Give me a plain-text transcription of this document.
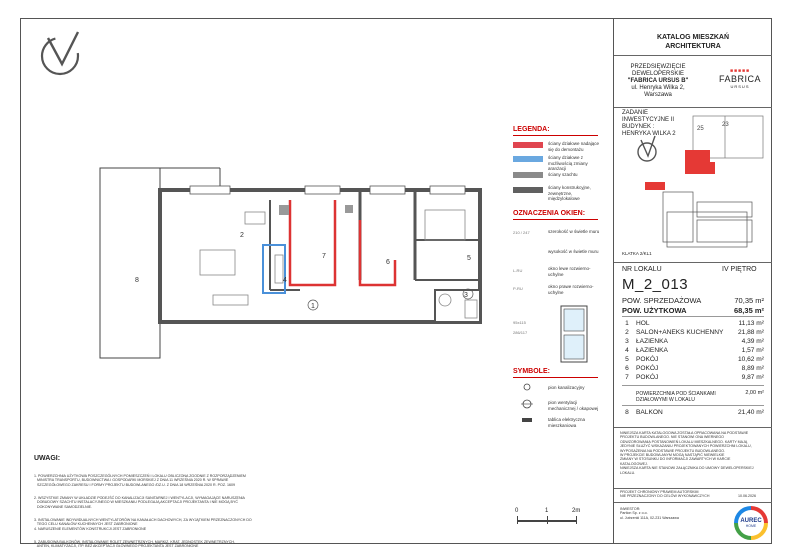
1
2
3
4
5
6
7
8
LEGENDA:
ściany działowe nadające się do demontażu
ściany działowe z możliwością zmiany aranżacji
ściany szachtu
ściany konstrukcyjne, zewnętrzne, międzylokalowe
OZNACZENIA OKIEN:
210 / 247	szerokość w świetle muru
wysokość w świetle muru
L-RU	okno lewe rozwierno-uchylne
P-RU	okno prawe rozwierno-uchylne
95x115
286/117
SYMBOLE:
pion kanalizacyjny
pion wentylacji mechanicznej / okapowej
tablica elektryczna mieszkaniowa
KATALOG MIESZKAŃ
ARCHITEKTURA
PRZEDSIĘWZIĘCIE
DEWELOPERSKIE
"FABRICA URSUS B"
ul. Henryka Wilka 2,
Warszawa
■■■■■
FABRICA
URSUS
ZADANIE
INWESTYCYJNE II
BUDYNEK :
HENRYKA WILKA 2
23
25
KLATKA 2/KL1
NR LOKALU	IV PIĘTRO
M_2_013
POW. SPRZEDAŻOWA	70,35 m²
POW. UŻYTKOWA	68,35 m²
1	HOL	11,13 m²
2	SALON+ANEKS KUCHENNY 21,88 m²
3	ŁAZIENKA	4,39 m²
4	ŁAZIENKA	1,57 m²
5	POKÓJ	10,62 m²
6	POKÓJ	8,89 m²
7	POKÓJ	9,87 m²
POWIERZCHNIA POD ŚCIANKAMI
DZIAŁOWYMI W LOKALU
2,00 m²
8	BALKON	21,40 m²
NINIEJSZA KARTA KATALOGOWA ZOSTAŁA OPRACOWANA NA PODSTAWIE
PROJEKTU BUDOWLANEGO. NIE STANOWI ONA WIERNEGO
ODWZOROWANIA POSTANOWIEŃ LOKALU MIESZKALNEGO. KARTY MAJĄ
JEDYNIE SŁUŻYĆ WSKAZANIU PROJEKTOWANYCH POWIERZCHNI LOKALU,
WYPOSAŻENIA NA PODSTAWIE PROJEKTU BUDOWLANEGO.
W PROJEKCIE BUDOWLANYM MOGĄ NASTĄPIĆ NIEWIELKIE
ZMIANY W STOSUNKU DO INFORMACJI ZAWARTYCH W KARCIE
KATALOGOWEJ.
NINIEJSZA KARTA NIE STANOWI ZAŁĄCZNIKA DO UMOWY DEWELOPERSKIEJ
LOKALU.
PROJEKT CHRONIONY PRAWEM AUTORSKIM
NIE PRZEZNACZONY DO CELÓW WYKONAWCZYCH	10.06.2026
INWESTOR:
Partion Sp. z o.o.
ul. Jutrzenki 111A, 02-231 Warszawa
AUREC
HOME
UWAGI:

1. POWIERZCHNIA UŻYTKOWA POSZCZEGÓLNYCH POMIESZCZEŃ I LOKALU OBLICZONA ZGODNIE Z ROZPORZĄDZENIEM
MINISTRA TRANSPORTU, BUDOWNICTWA I GOSPODARKI MORSKIEJ Z DNIA 11 WRZEŚNIA 2020 R. W SPRAWIE
SZCZEGÓŁOWEGO ZAKRESU I FORMY PROJEKTU BUDOWLANEGO /DZ.U. Z DNIA 18 WRZEŚNIA 2020 R. POZ. 1609

2. WSZYSTKIE ZMIANY W UKŁADZIE PODEJŚĆ DO KANALIZACJI SANITARNEJ I WENTYLACJI, WYMAGAJĄCE NARUSZENIA
DOBUDOWY SZACHTU INSTALACYJNEGO W MIESZKANIU PODLEGAJĄ AKCEPTACJI PROJEKTANTA I NIE MOGĄ BYĆ
DOKONYWANE SAMODZIELNIE.

3. INSTALOWANIE INDYWIDUALNYCH WENTYLATORÓW NA KANAŁACH DACHOWYCH, ZA WYJĄTKIEM PRZEZNACZONYCH DO
TEGO CELU KANAŁÓW KUCHENNYCH JEST ZABRONIONE
4. NARUSZENIE ELEMENTÓW KONSTRUKCJI JEST ZABRONIONE

5. ZABUDOWA BALKONÓW, INSTALOWANIE ROLET ZEWNĘTRZNYCH, MARKIZ, KRAT, JEDNOSTEK ZEWNĘTRZNYCH,
ANTEN, KLIMATYZACJI, ITP. BEZ AKCEPTACJI GŁÓWNEGO PROJEKTANTA JEST ZABRONIONE

0	1	2m
